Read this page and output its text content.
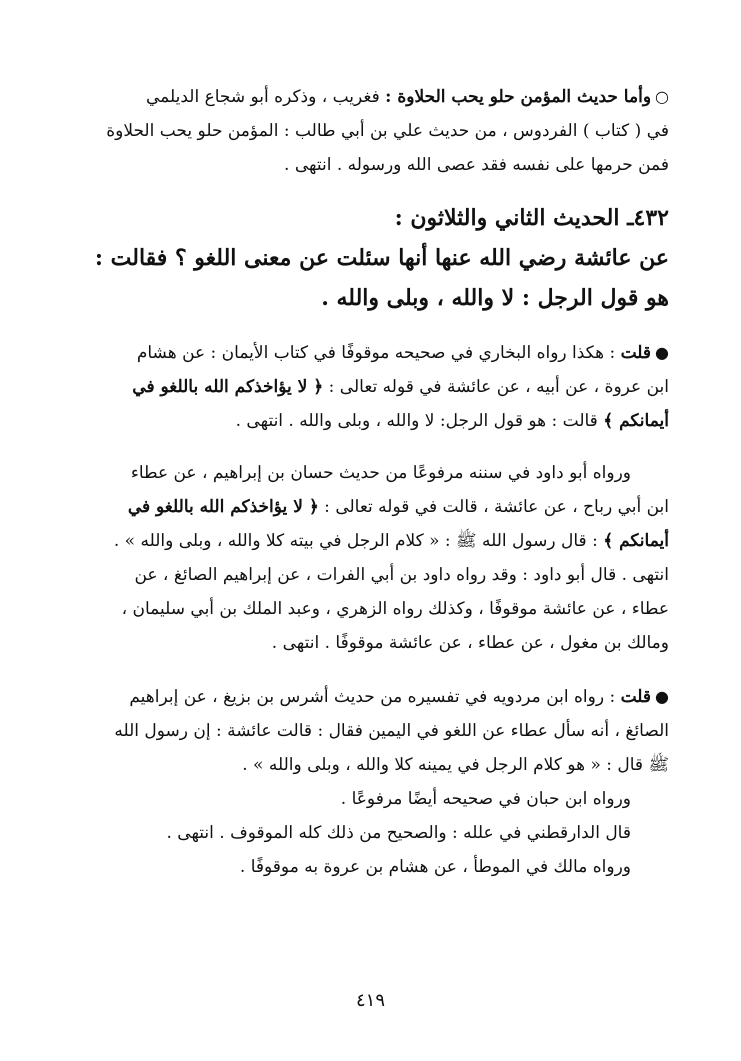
○وأما حديث المؤمن حلو يحب الحلاوة : فغريب ، وذكره أبو شجاع الديلمي
في ( كتاب ) الفردوس ، من حديث علي بن أبي طالب : المؤمن حلو يحب الحلاوة
فمن حرمها على نفسه فقد عصى الله ورسوله . انتهى .
٤٣٢ـ الحديث الثاني والثلاثون :
عن عائشة رضي الله عنها أنها سئلت عن معنى اللغو ؟ فقالت :
هو قول الرجل : لا والله ، وبلى والله .
●قلت : هكذا رواه البخاري في صحيحه موقوفًا في كتاب الأيمان : عن هشام
ابن عروة ، عن أبيه ، عن عائشة في قوله تعالى : ﴿ لا يؤاخذكم الله باللغو في
أيمانكم ﴾ قالت : هو قول الرجل: لا والله ، وبلى والله . انتهى .
ورواه أبو داود في سننه مرفوعًا من حديث حسان بن إبراهيم ، عن عطاء
ابن أبي رباح ، عن عائشة ، قالت في قوله تعالى : ﴿ لا يؤاخذكم الله باللغو في
أيمانكم ﴾ : قال رسول الله ﷺ : « كلام الرجل في بيته كلا والله ، وبلى والله » .
انتهى . قال أبو داود : وقد رواه داود بن أبي الفرات ، عن إبراهيم الصائغ ، عن
عطاء ، عن عائشة موقوفًا ، وكذلك رواه الزهري ، وعبد الملك بن أبي سليمان ،
ومالك بن مغول ، عن عطاء ، عن عائشة موقوفًا . انتهى .
●قلت : رواه ابن مردويه في تفسيره من حديث أشرس بن بزيغ ، عن إبراهيم
الصائغ ، أنه سأل عطاء عن اللغو في اليمين فقال : قالت عائشة : إن رسول الله
ﷺ قال : « هو كلام الرجل في يمينه كلا والله ، وبلى والله » .
ورواه ابن حبان في صحيحه أيضًا مرفوعًا .
قال الدارقطني في علله : والصحيح من ذلك كله الموقوف . انتهى .
ورواه مالك في الموطأ ، عن هشام بن عروة به موقوفًا .
٤١٩
